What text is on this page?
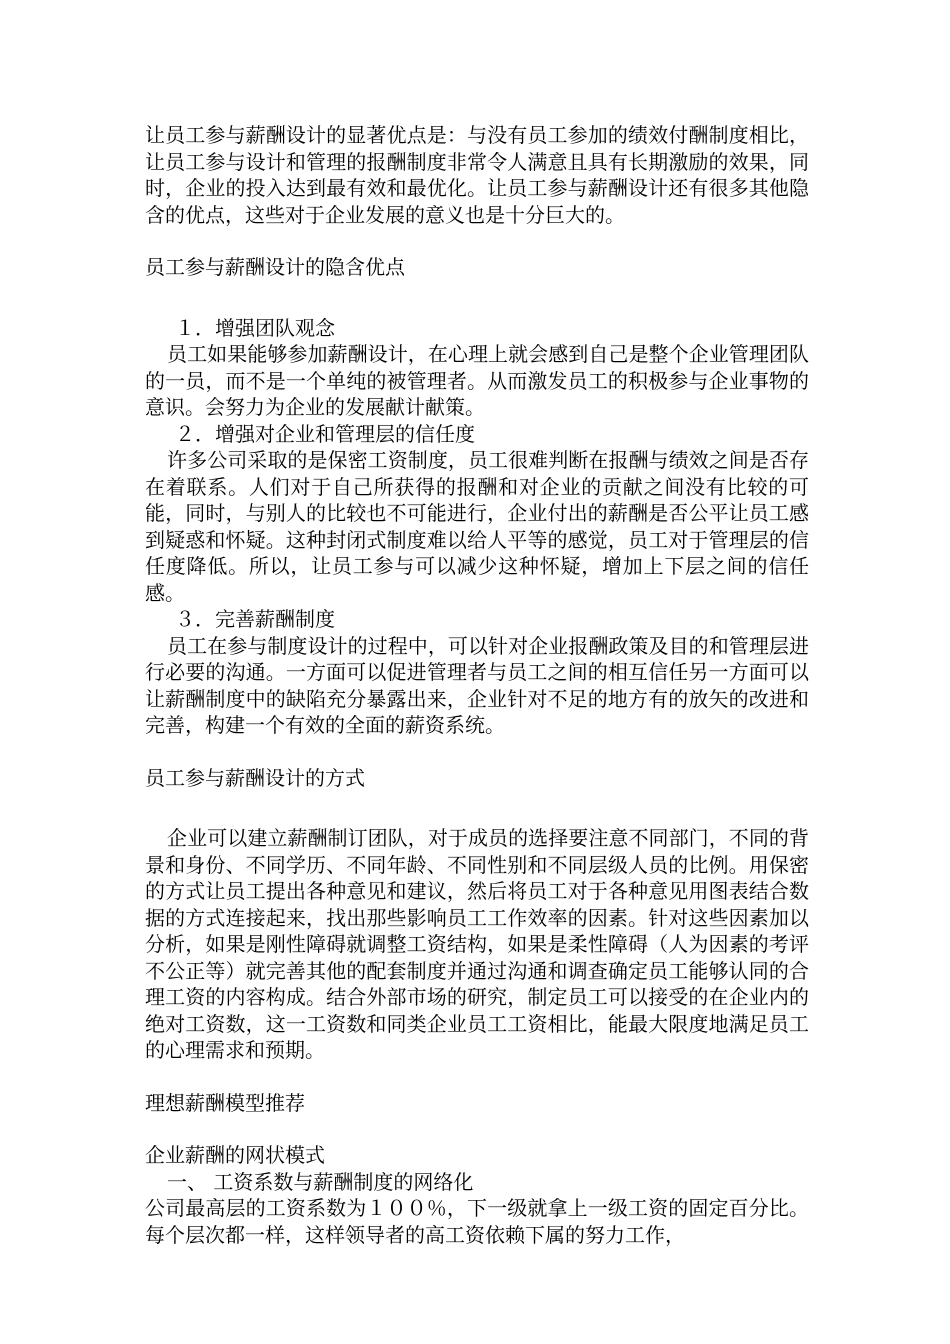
让员工参与薪酬设计的显著优点是：与没有员工参加的绩效付酬制度相比，让员工参与设计和管理的报酬制度非常令人满意且具有长期激励的效果，同时，企业的投入达到最有效和最优化。让员工参与薪酬设计还有很多其他隐含的优点，这些对于企业发展的意义也是十分巨大的。

员工参与薪酬设计的隐含优点

１．增强团队观念

员工如果能够参加薪酬设计，在心理上就会感到自己是整个企业管理团队的一员，而不是一个单纯的被管理者。从而激发员工的积极参与企业事物的意识。会努力为企业的发展献计献策。

２．增强对企业和管理层的信任度

许多公司采取的是保密工资制度，员工很难判断在报酬与绩效之间是否存在着联系。人们对于自己所获得的报酬和对企业的贡献之间没有比较的可能，同时，与别人的比较也不可能进行，企业付出的薪酬是否公平让员工感到疑惑和怀疑。这种封闭式制度难以给人平等的感觉，员工对于管理层的信任度降低。所以，让员工参与可以减少这种怀疑，增加上下层之间的信任感。

３．完善薪酬制度

员工在参与制度设计的过程中，可以针对企业报酬政策及目的和管理层进行必要的沟通。一方面可以促进管理者与员工之间的相互信任另一方面可以让薪酬制度中的缺陷充分暴露出来，企业针对不足的地方有的放矢的改进和完善，构建一个有效的全面的薪资系统。

员工参与薪酬设计的方式

企业可以建立薪酬制订团队，对于成员的选择要注意不同部门，不同的背景和身份、不同学历、不同年龄、不同性别和不同层级人员的比例。用保密的方式让员工提出各种意见和建议，然后将员工对于各种意见用图表结合数据的方式连接起来，找出那些影响员工工作效率的因素。针对这些因素加以分析，如果是刚性障碍就调整工资结构，如果是柔性障碍（人为因素的考评不公正等）就完善其他的配套制度并通过沟通和调查确定员工能够认同的合理工资的内容构成。结合外部市场的研究，制定员工可以接受的在企业内的绝对工资数，这一工资数和同类企业员工工资相比，能最大限度地满足员工的心理需求和预期。

理想薪酬模型推荐

企业薪酬的网状模式

一、 工资系数与薪酬制度的网络化

公司最高层的工资系数为１００％，下一级就拿上一级工资的固定百分比。每个层次都一样，这样领导者的高工资依赖下属的努力工作，
